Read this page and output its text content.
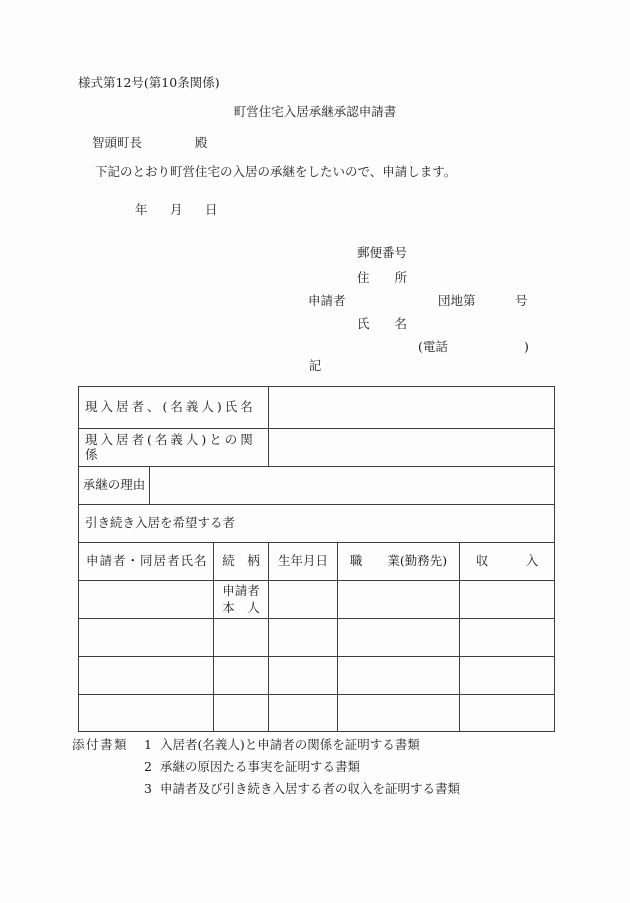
様式第12号(第10条関係)
町営住宅入居承継承認申請書
智頭町長	殿
下記のとおり町営住宅の入居の承継をしたいので、申請します。
年 月 日
郵便番号
住　　所
申請者	団地第	号
氏　　名
(電話	)
記
現入居者、(名義人)氏名					
現入居者(名義人)との関係					
承継の理由					
引き続き入居を希望する者					
申請者・同居者氏名		続　柄	生年月日	職　　業(勤務先)	収　　　入
		申請者
本　人			

添付書類 1 入居者(名義人)と申請者の関係を証明する書類
2 承継の原因たる事実を証明する書類
3 申請者及び引き続き入居する者の収入を証明する書類
